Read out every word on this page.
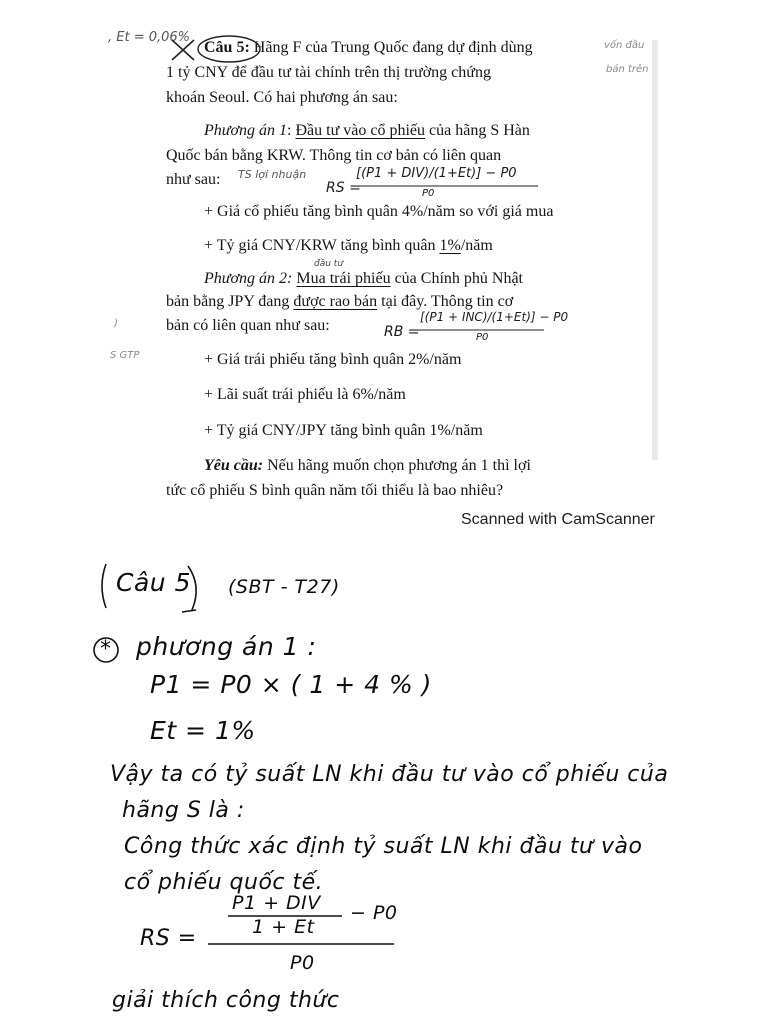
, Et = 0,06%
vốn đầu
bán trên
)
S GTP
Câu 5: Hãng F của Trung Quốc đang dự định dùng
1 tỷ CNY để đầu tư tài chính trên thị trường chứng
khoán Seoul. Có hai phương án sau:
Phương án 1: Đầu tư vào cổ phiếu của hãng S Hàn
Quốc bán bằng KRW. Thông tin cơ bản có liên quan
như sau: TS lợi nhuận
RS =
[(P1 + DIV)/(1+Et)] − P0
P0
+ Giá cổ phiếu tăng bình quân 4%/năm so với giá mua
+ Tỷ giá CNY/KRW tăng bình quân 1%/năm
đầu tư
Phương án 2: Mua trái phiếu của Chính phủ Nhật
bản bằng JPY đang được rao bán tại đây. Thông tin cơ
bản có liên quan như sau:	RB =
[(P1 + INC)/(1+Et)] − P0
P0
+ Giá trái phiếu tăng bình quân 2%/năm
+ Lãi suất trái phiếu là 6%/năm
+ Tỷ giá CNY/JPY tăng bình quân 1%/năm
Yêu cầu: Nếu hãng muốn chọn phương án 1 thì lợi
tức cổ phiếu S bình quân năm tối thiểu là bao nhiêu?
Scanned with CamScanner
Câu 5 (SBT - T27)
* phương án 1 :
P1 = P0 × ( 1 + 4 % )
Et = 1%
Vậy ta có tỷ suất LN khi đầu tư vào cổ phiếu của
hãng S là :
Công thức xác định tỷ suất LN khi đầu tư vào
cổ phiếu quốc tế.
RS =
P1 + DIV
1 + Et
− P0
P0
giải thích công thức
